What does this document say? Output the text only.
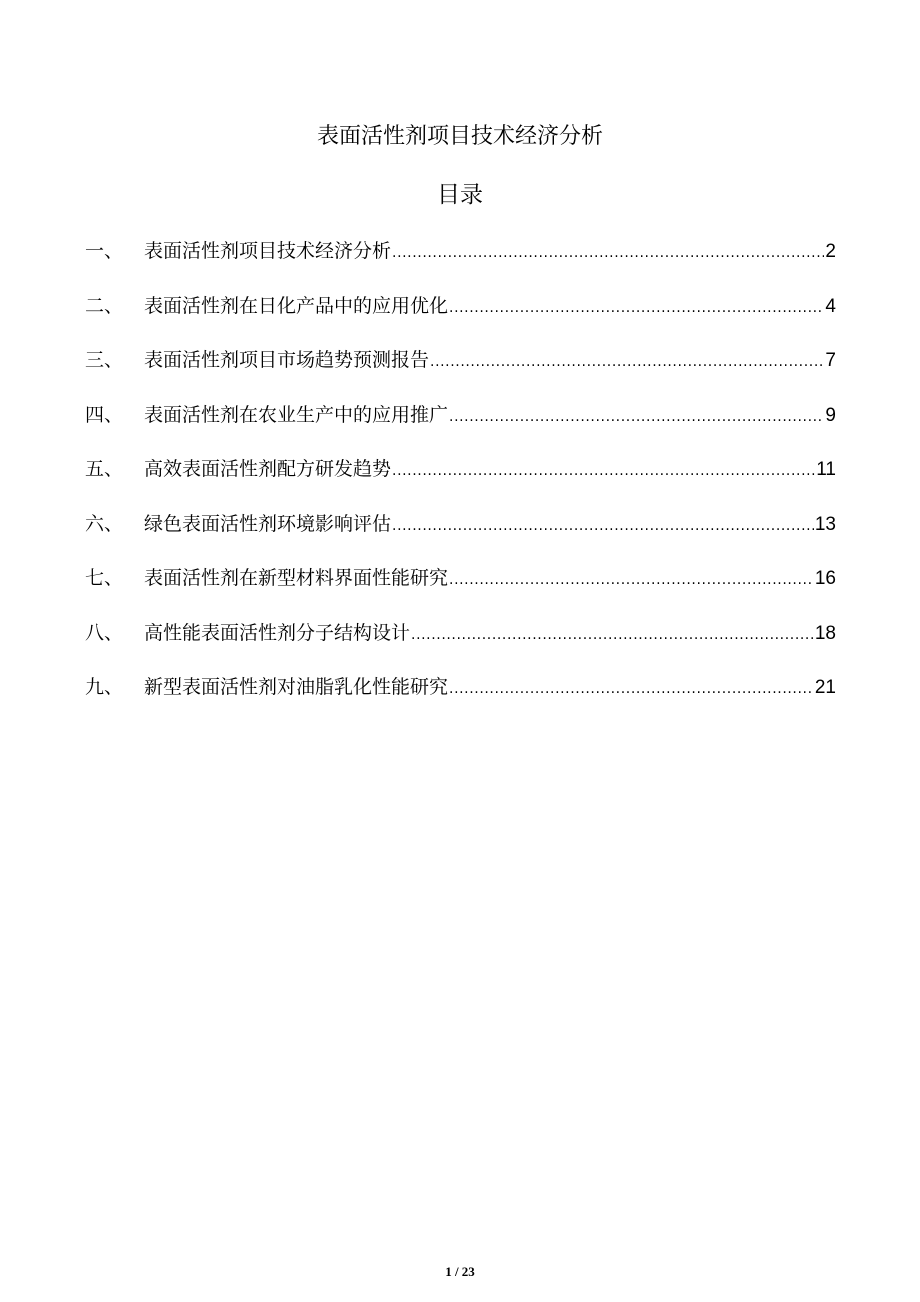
表面活性剂项目技术经济分析
目录
一、	表面活性剂项目技术经济分析 .....	2
二、	表面活性剂在日化产品中的应用优化 .....	4
三、	表面活性剂项目市场趋势预测报告 .....	7
四、	表面活性剂在农业生产中的应用推广 .....	9
五、	高效表面活性剂配方研发趋势 .....	11
六、	绿色表面活性剂环境影响评估 .....	13
七、	表面活性剂在新型材料界面性能研究 .....	16
八、	高性能表面活性剂分子结构设计 .....	18
九、	新型表面活性剂对油脂乳化性能研究 .....	21
1 / 23
